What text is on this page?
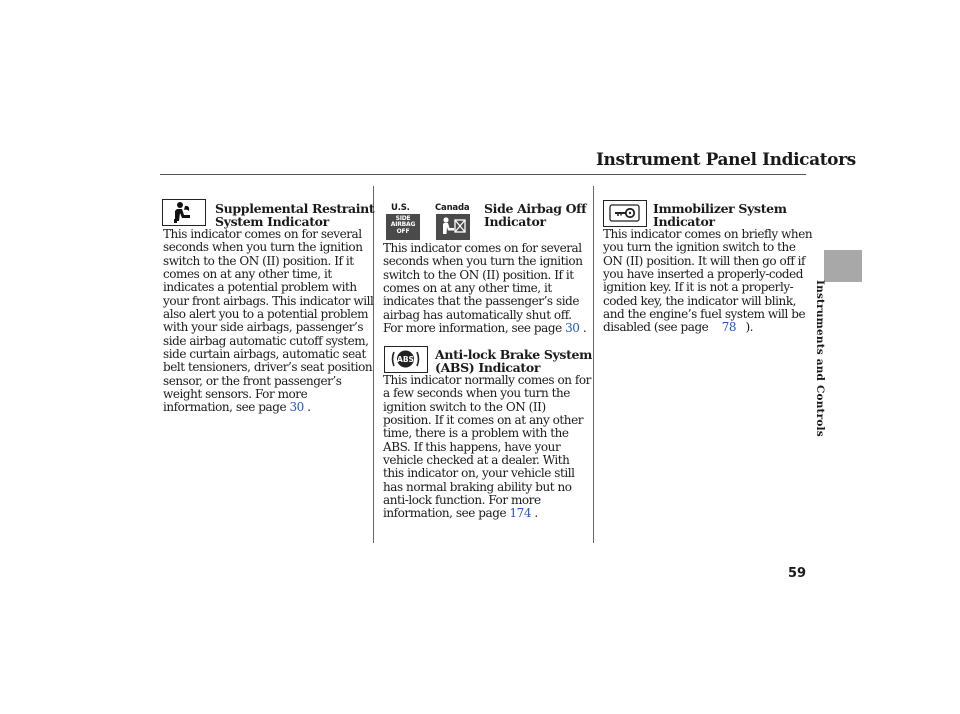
Instrument Panel Indicators
Instruments and Controls
59
Supplemental Restraint
System Indicator
This indicator comes on for several
seconds when you turn the ignition
switch to the ON (II) position. If it
comes on at any other time, it
indicates a potential problem with
your front airbags. This indicator will
also alert you to a potential problem
with your side airbags, passenger’s
side airbag automatic cutoff system,
side curtain airbags, automatic seat
belt tensioners, driver’s seat position
sensor, or the front passenger’s
weight sensors. For more
information, see page 30 .
U.S.	Canada
SIDE
AIRBAG
OFF
Side Airbag Off
Indicator
This indicator comes on for several
seconds when you turn the ignition
switch to the ON (II) position. If it
comes on at any other time, it
indicates that the passenger’s side
airbag has automatically shut off.
For more information, see page 30 .
ABS Anti-lock Brake System
(ABS) Indicator
This indicator normally comes on for
a few seconds when you turn the
ignition switch to the ON (II)
position. If it comes on at any other
time, there is a problem with the
ABS. If this happens, have your
vehicle checked at a dealer. With
this indicator on, your vehicle still
has normal braking ability but no
anti-lock function. For more
information, see page 174 .
Immobilizer System
Indicator
This indicator comes on briefly when
you turn the ignition switch to the
ON (II) position. It will then go off if
you have inserted a properly-coded
ignition key. If it is not a properly-
coded key, the indicator will blink,
and the engine’s fuel system will be
disabled (see page 78 ).
